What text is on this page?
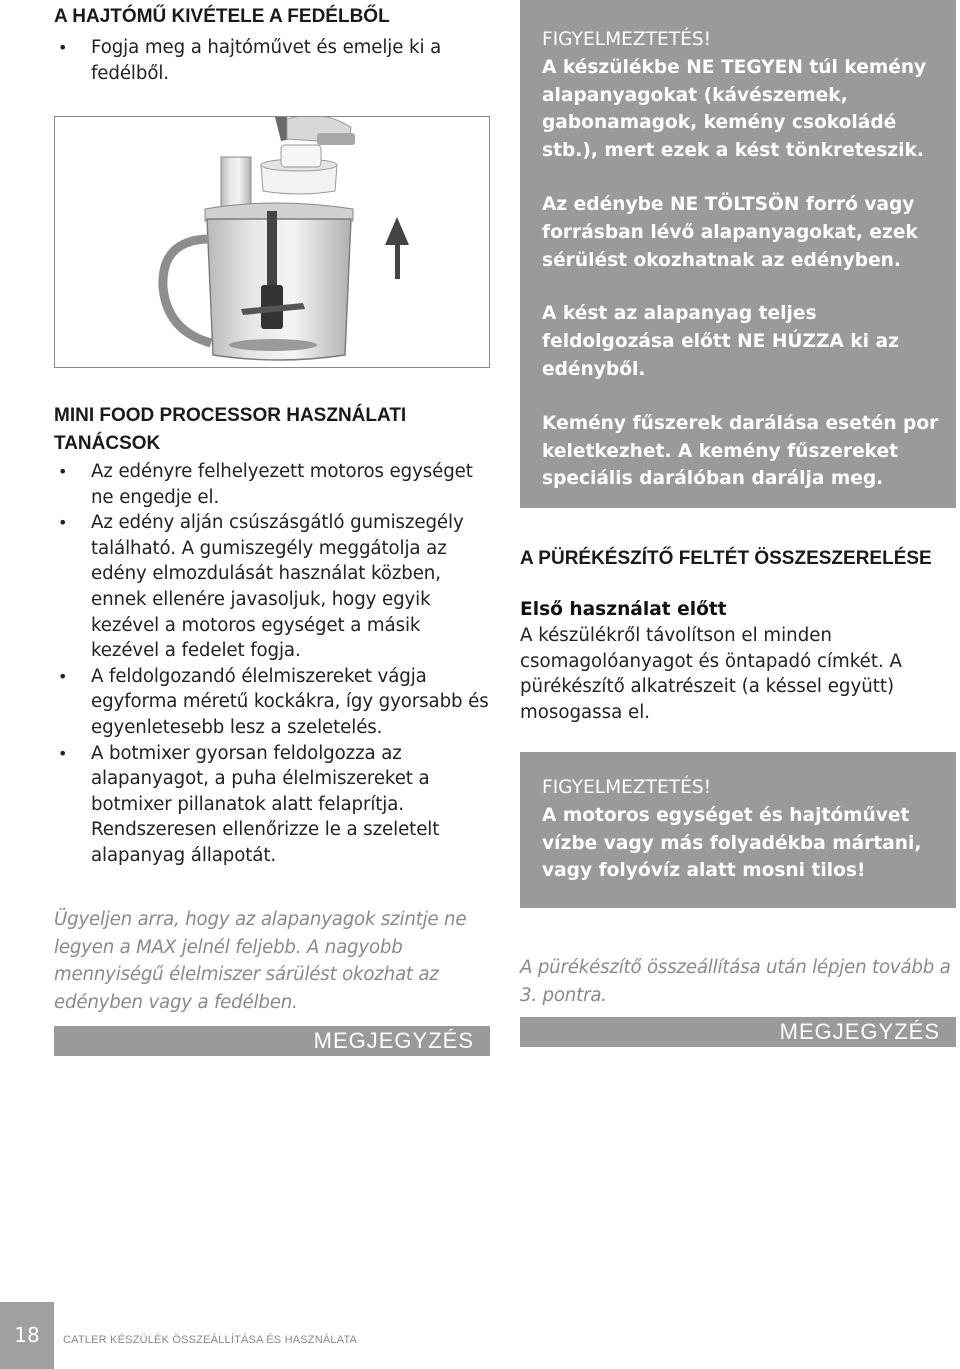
A HAJTÓMŰ KIVÉTELE A FEDÉLBŐL
• Fogja meg a hajtóművet és emelje ki a fedélből.
MINI FOOD PROCESSOR HASZNÁLATI TANÁCSOK
• Az edényre felhelyezett motoros egységet ne engedje el.
• Az edény alján csúszásgátló gumiszegély található. A gumiszegély meggátolja az edény elmozdulását használat közben, ennek ellenére javasoljuk, hogy egyik kezével a motoros egységet a másik kezével a fedelet fogja.
• A feldolgozandó élelmiszereket vágja egyforma méretű kockákra, így gyorsabb és egyenletesebb lesz a szeletelés.
• A botmixer gyorsan feldolgozza az alapanyagot, a puha élelmiszereket a botmixer pillanatok alatt felaprítja. Rendszeresen ellenőrizze le a szeletelt alapanyag állapotát.
Ügyeljen arra, hogy az alapanyagok szintje ne legyen a MAX jelnél feljebb. A nagyobb mennyiségű élelmiszer sárülést okozhat az edényben vagy a fedélben.
MEGJEGYZÉS

FIGYELMEZTETÉS!

A készülékbe NE TEGYEN túl kemény alapanyagokat (kávészemek, gabonamagok, kemény csokoládé stb.), mert ezek a kést tönkreteszik.

Az edénybe NE TÖLTSÖN forró vagy forrásban lévő alapanyagokat, ezek sérülést okozhatnak az edényben.

A kést az alapanyag teljes feldolgozása előtt NE HÚZZA ki az edényből.

Kemény fűszerek darálása esetén por keletkezhet. A kemény fűszereket speciális darálóban darálja meg.

A PÜRÉKÉSZÍTŐ FELTÉT ÖSSZESZERELÉSE
Első használat előtt
A készülékről távolítson el minden csomagolóanyagot és öntapadó címkét. A pürékészítő alkatrészeit (a késsel együtt) mosogassa el.

FIGYELMEZTETÉS!

A motoros egységet és hajtóművet vízbe vagy más folyadékba mártani, vagy folyóvíz alatt mosni tilos!

A pürékészítő összeállítása után lépjen tovább a 3. pontra.
MEGJEGYZÉS
18	CATLER KÉSZÜLÉK ÖSSZEÁLLÍTÁSA ÉS HASZNÁLATA
